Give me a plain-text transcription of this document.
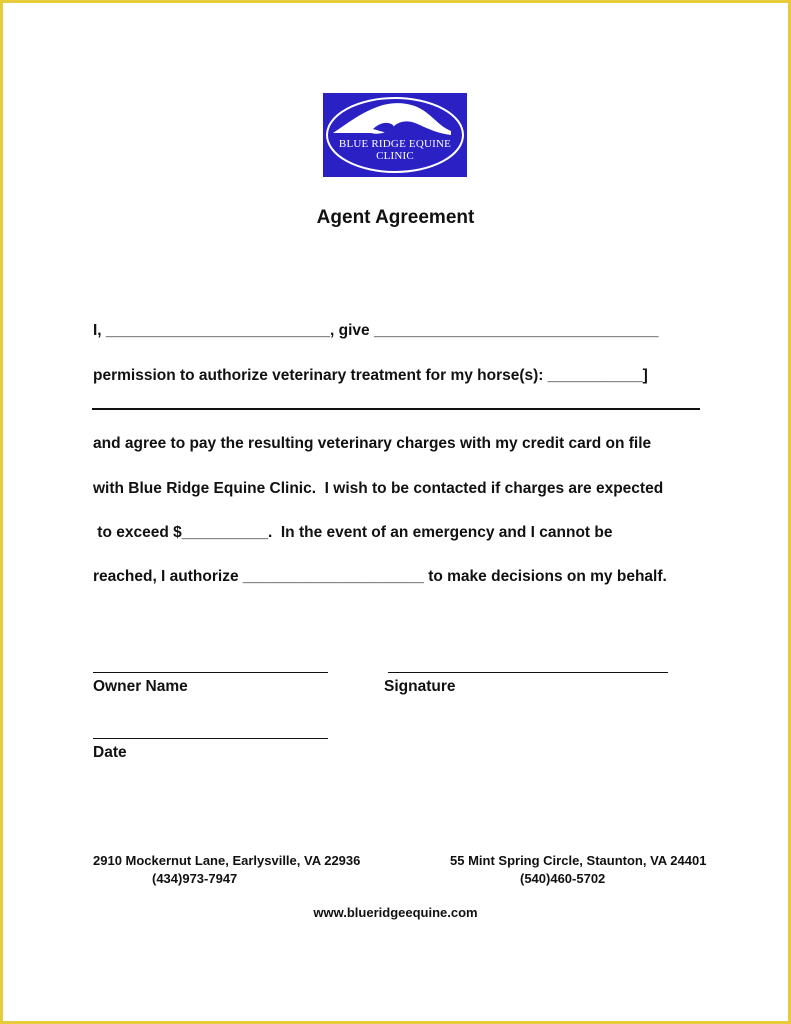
BLUE RIDGE EQUINE
CLINIC
Agent Agreement
I, __________________________, give _________________________________
permission to authorize veterinary treatment for my horse(s): ___________]
and agree to pay the resulting veterinary charges with my credit card on file
with Blue Ridge Equine Clinic.  I wish to be contacted if charges are expected
to exceed $__________.  In the event of an emergency and I cannot be
reached, I authorize _____________________ to make decisions on my behalf.
Owner Name	Signature
Date
2910 Mockernut Lane, Earlysville, VA 22936
(434)973-7947
55 Mint Spring Circle, Staunton, VA 24401
(540)460-5702
www.blueridgeequine.com
